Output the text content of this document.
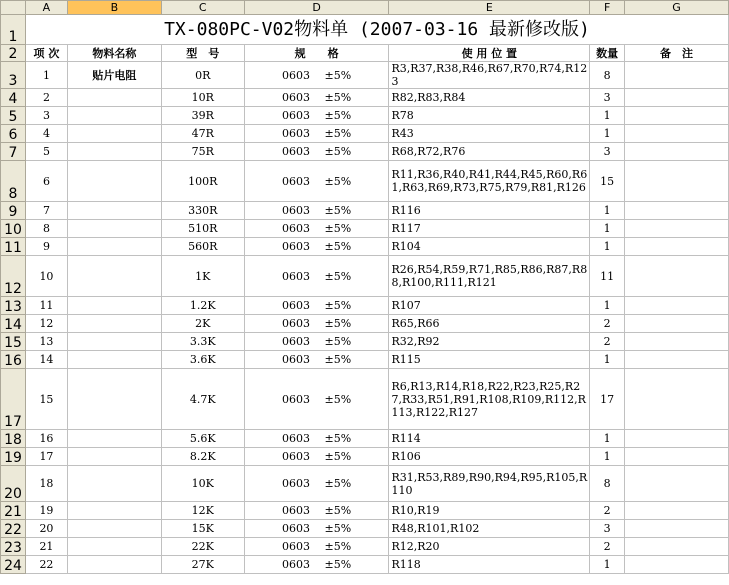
	A	B	C	D	E	F	G
1	TX-080PC-V02物料单 (2007-03-16 最新修改版)						
2	项 次	物料名称	型　号	规　　格	使 用 位 置	数量	备　注
3	1	贴片电阻	0R	0603　 ±5%	R3,R37,R38,R46,R67,R70,R74,R123	8	
4	2		10R	0603　 ±5%	R82,R83,R84	3	
5	3		39R	0603　 ±5%	R78	1	
6	4		47R	0603　 ±5%	R43	1	
7	5		75R	0603　 ±5%	R68,R72,R76	3	
8	6		100R	0603　 ±5%	R11,R36,R40,R41,R44,R45,R60,R61,R63,R69,R73,R75,R79,R81,R126	15	
9	7		330R	0603　 ±5%	R116	1	
10	8		510R	0603　 ±5%	R117	1	
11	9		560R	0603　 ±5%	R104	1	
12	10		1K	0603　 ±5%	R26,R54,R59,R71,R85,R86,R87,R88,R100,R111,R121	11	
13	11		1.2K	0603　 ±5%	R107	1	
14	12		2K	0603　 ±5%	R65,R66	2	
15	13		3.3K	0603　 ±5%	R32,R92	2	
16	14		3.6K	0603　 ±5%	R115	1	
17	15		4.7K	0603　 ±5%	R6,R13,R14,R18,R22,R23,R25,R27,R33,R51,R91,R108,R109,R112,R113,R122,R127	17	
18	16		5.6K	0603　 ±5%	R114	1	
19	17		8.2K	0603　 ±5%	R106	1	
20	18		10K	0603　 ±5%	R31,R53,R89,R90,R94,R95,R105,R110	8	
21	19		12K	0603　 ±5%	R10,R19	2	
22	20		15K	0603　 ±5%	R48,R101,R102	3	
23	21		22K	0603　 ±5%	R12,R20	2	
24	22		27K	0603　 ±5%	R118	1	
